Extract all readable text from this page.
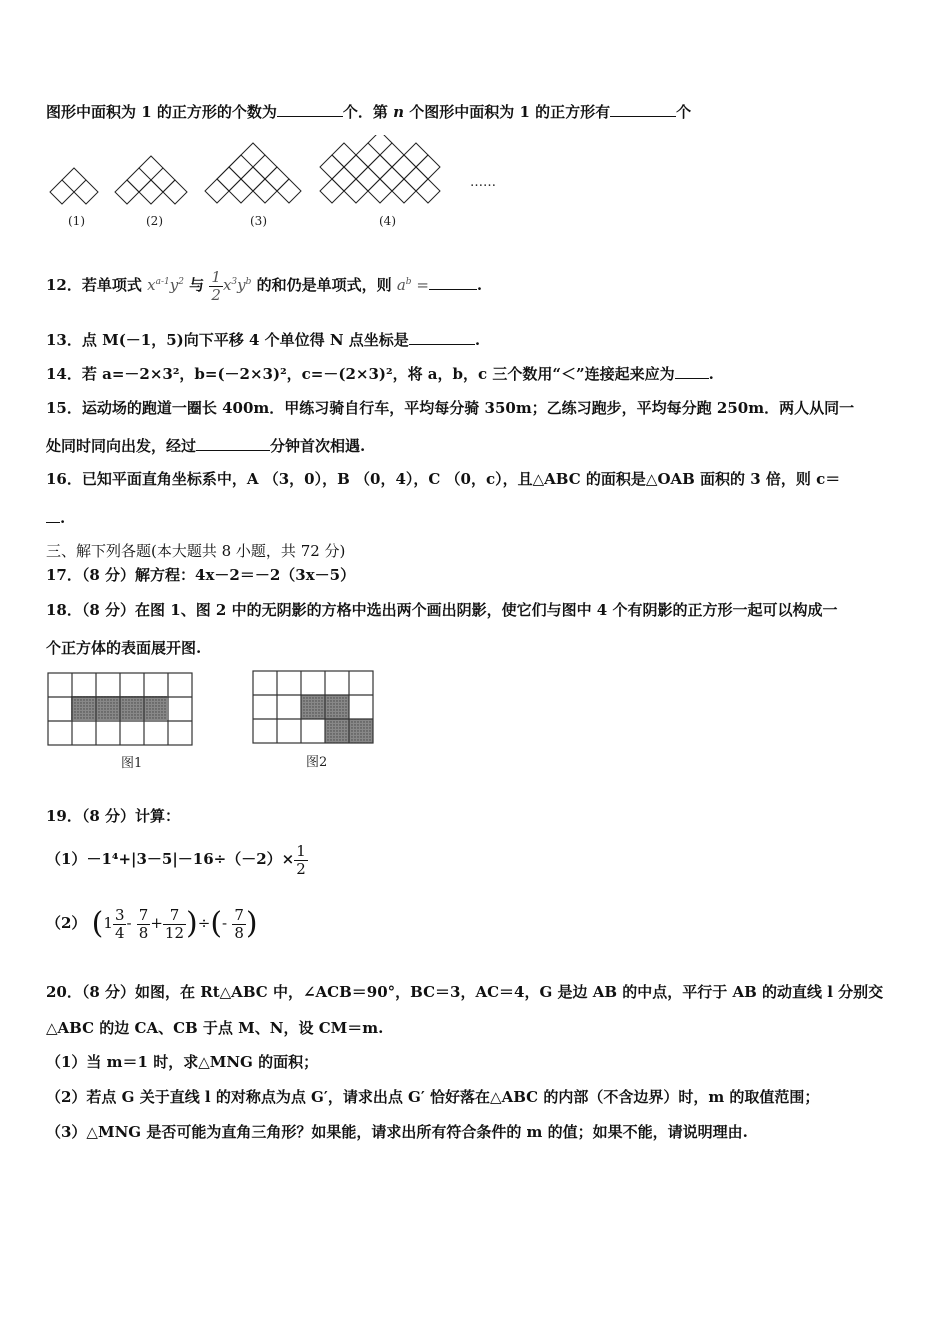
图形中面积为 1 的正方形的个数为	个．第 n 个图形中面积为 1 的正方形有	个
(1)	(2)	(3)	(4)
……
12．若单项式 $x^{a-1}y^2$ 与 $\frac{1}{2} x^3y^b$ 的和仍是单项式，则 $a^b$ =	.
13．点 M(－1，5)向下平移 4 个单位得 N 点坐标是	.
14．若 a=－2×3²，b=(－2×3)²，c=－(2×3)²，将 a，b，c 三个数用“＜”连接起来应为 .
15．运动场的跑道一圈长 400m．甲练习骑自行车，平均每分骑 350m；乙练习跑步，平均每分跑 250m．两人从同一
处同时同向出发，经过	分钟首次相遇.
16．已知平面直角坐标系中，A （3，0），B （0，4），C （0，c），且△ABC 的面积是△OAB 面积的 3 倍，则 c＝
.
三、解下列各题(本大题共 8 小题，共 72 分)
17．（8 分）解方程：4x－2＝－2（3x－5）
18．（8 分）在图 1、图 2 中的无阴影的方格中选出两个画出阴影，使它们与图中 4 个有阴影的正方形一起可以构成一
个正方体的表面展开图.
图1	图2
19．（8 分）计算：
$(1)-1^4+|3-5|-16\div(-2)\times \frac{1}{2}$
（2） ($1 \frac{3}{4} - \frac{7}{8} + \frac{7}{12}$ )÷(- $\frac{7}{8}$ )
20．（8 分）如图，在 Rt△ABC 中，∠ACB＝90°，BC＝3，AC＝4，G 是边 AB 的中点，平行于 AB 的动直线 l 分别交
△ABC 的边 CA、CB 于点 M、N，设 CM＝m.
（1）当 m＝1 时，求△MNG 的面积；
（2）若点 G 关于直线 l 的对称点为点 G′，请求出点 G′ 恰好落在△ABC 的内部（不含边界）时，m 的取值范围；
（3）△MNG 是否可能为直角三角形？如果能，请求出所有符合条件的 m 的值；如果不能，请说明理由.
